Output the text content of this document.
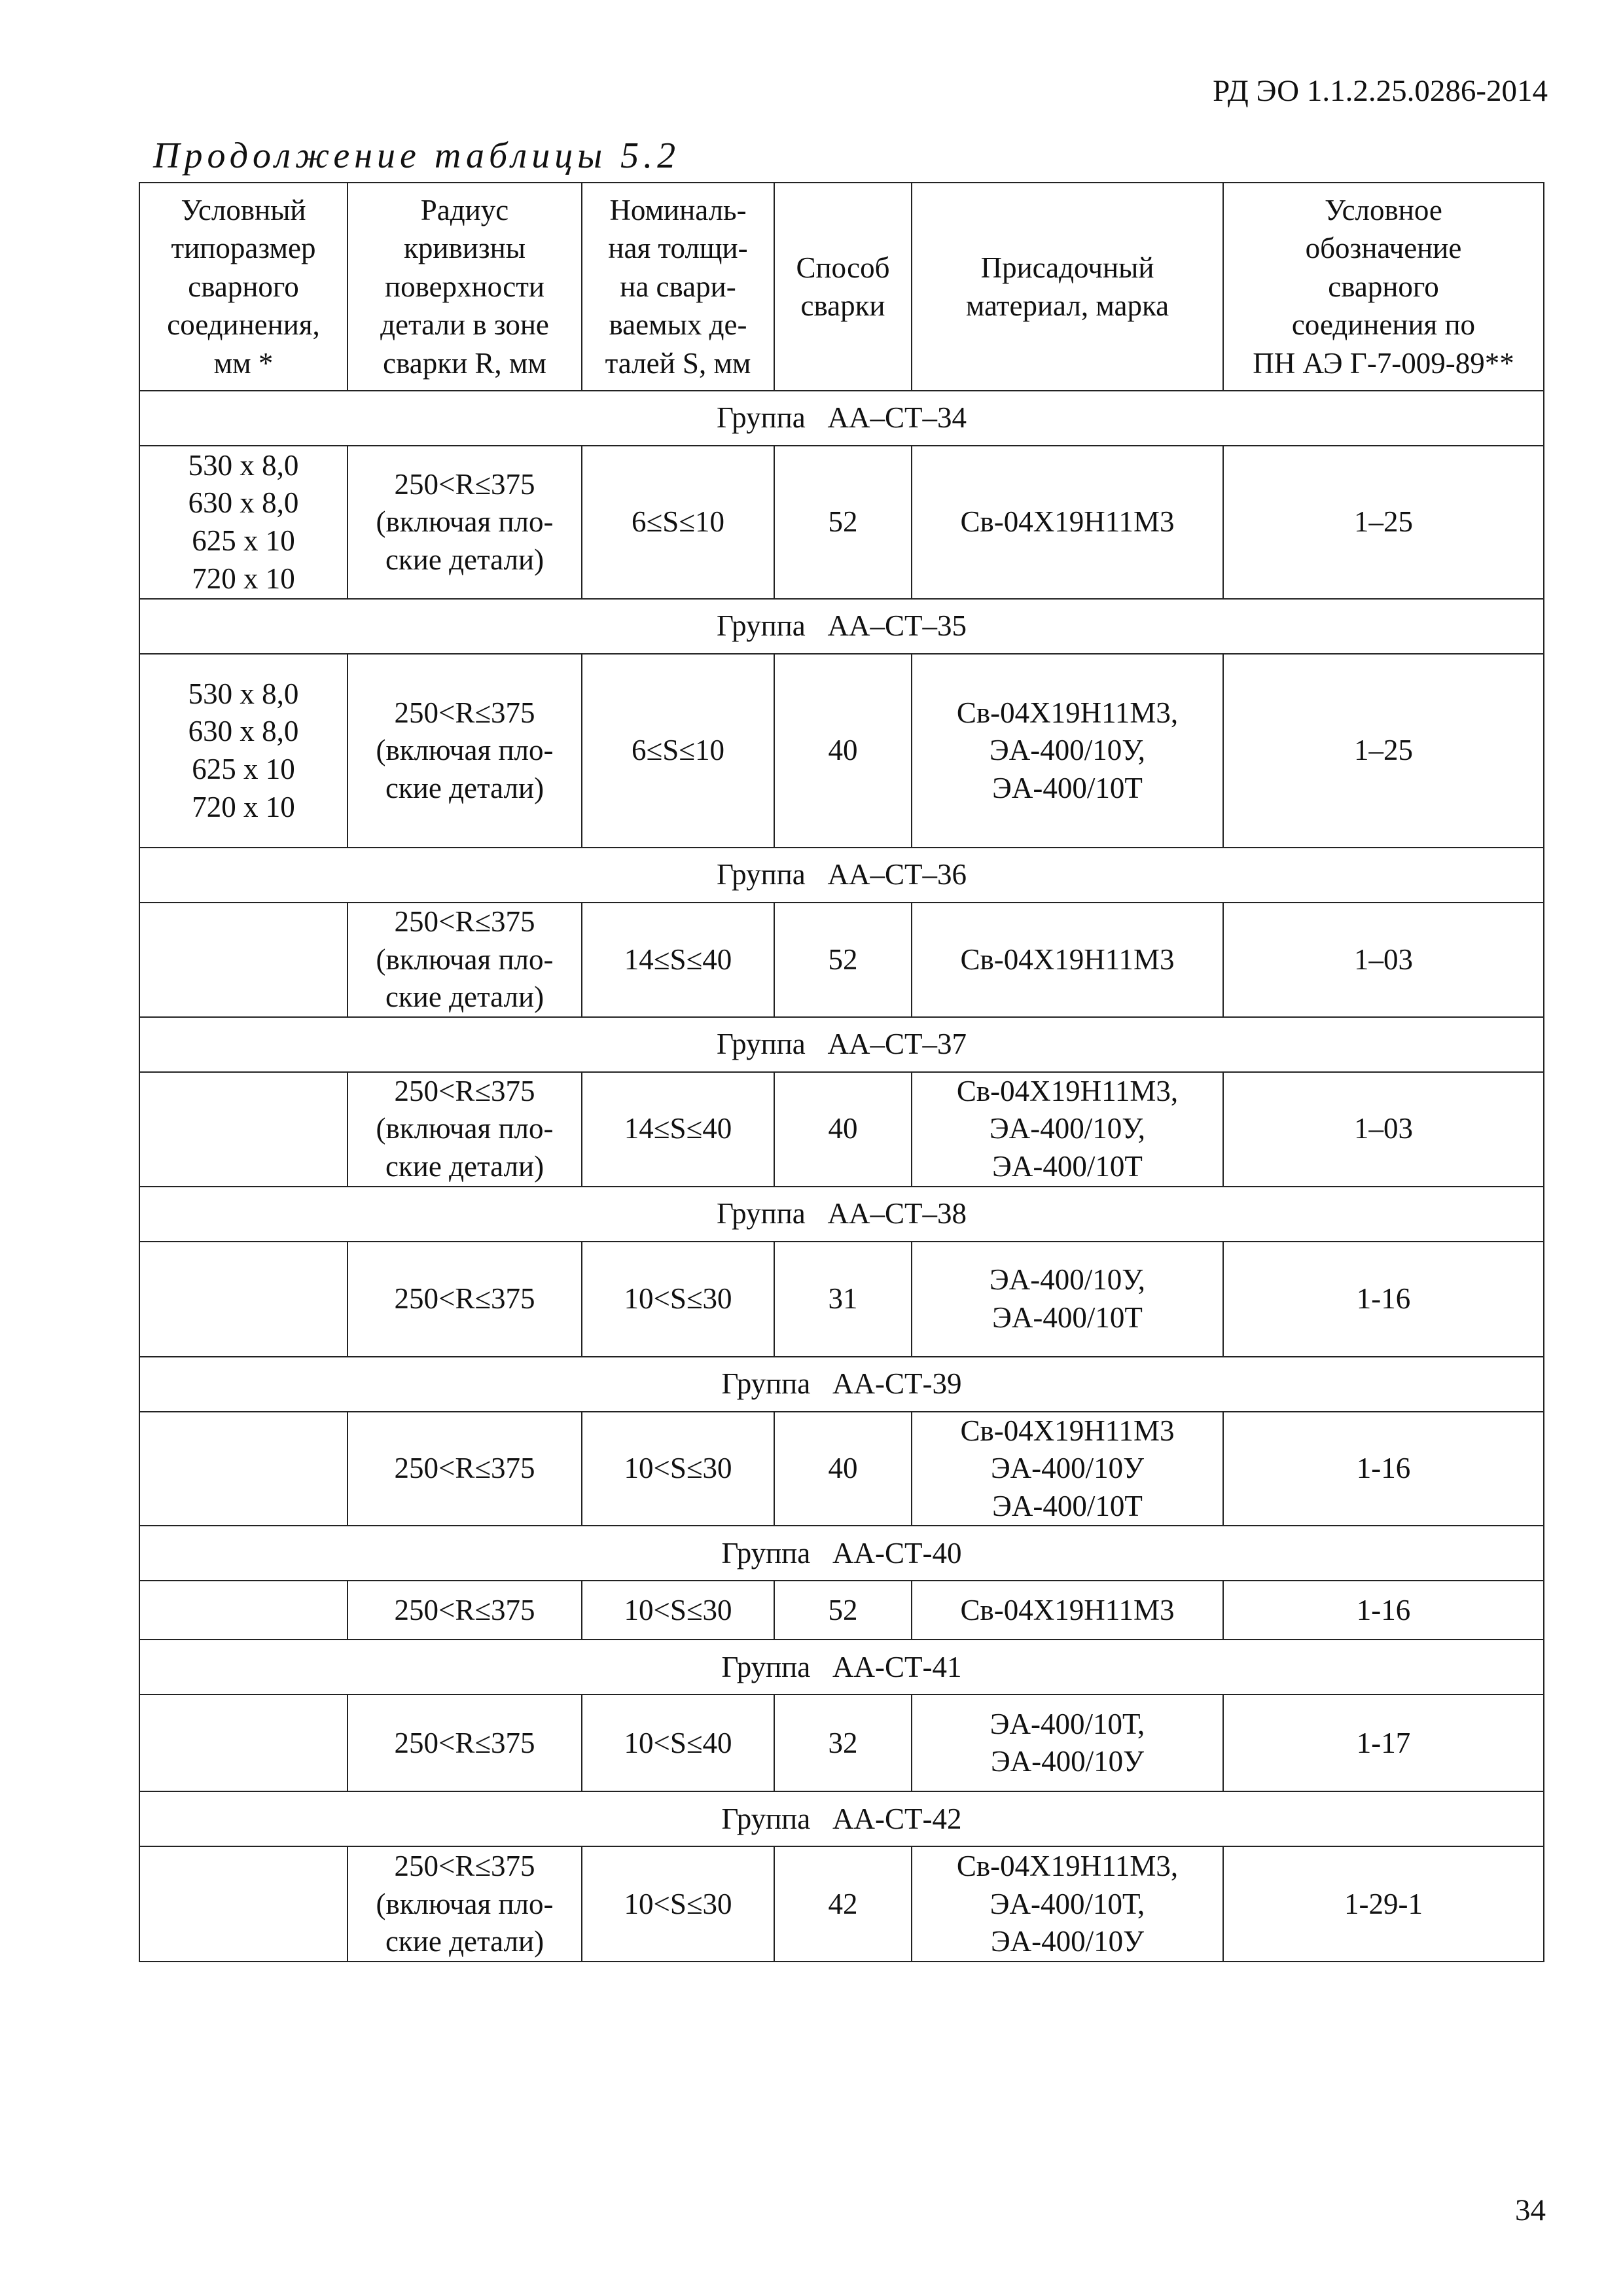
РД ЭО 1.1.2.25.0286-2014
Продолжение таблицы 5.2
Условный
типоразмер
сварного
соединения,
мм *	Радиус
кривизны
поверхности
детали в зоне
сварки R, мм	Номиналь-
ная толщи-
на свари-
ваемых де-
талей S, мм	Способ
сварки	Присадочный
материал, марка	Условное
обозначение
сварного
соединения по
ПН АЭ Г-7-009-89**

Группа   АА–СТ–34					

530 x 8,0
630 x 8,0
625 x 10
720 x 10	250<R≤375
(включая пло-
ские детали)	6≤S≤10	52	Св-04Х19Н11М3	1–25
Группа   АА–СТ–35					

530 x 8,0
630 x 8,0
625 x 10
720 x 10	250<R≤375
(включая пло-
ские детали)	6≤S≤10	40	Св-04Х19Н11М3,
ЭА-400/10У,
ЭА-400/10Т	1–25
Группа   АА–СТ–36					

	250<R≤375
(включая пло-
ские детали)	14≤S≤40	52	Св-04Х19Н11М3	1–03
Группа   АА–СТ–37					

	250<R≤375
(включая пло-
ские детали)	14≤S≤40	40	Св-04Х19Н11М3,
ЭА-400/10У,
ЭА-400/10Т	1–03
Группа   АА–СТ–38					

	250<R≤375	10<S≤30	31	ЭА-400/10У,
ЭА-400/10Т	1-16
Группа   АА-СТ-39					

	250<R≤375	10<S≤30	40	Св-04Х19Н11М3
ЭА-400/10У
ЭА-400/10Т	1-16
Группа   АА-СТ-40					

	250<R≤375	10<S≤30	52	Св-04Х19Н11М3	1-16
Группа   АА-СТ-41					

	250<R≤375	10<S≤40	32	ЭА-400/10Т,
ЭА-400/10У	1-17
Группа   АА-СТ-42					

	250<R≤375
(включая пло-
ские детали)	10<S≤30	42	Св-04Х19Н11М3,
ЭА-400/10Т,
ЭА-400/10У	1-29-1
34
